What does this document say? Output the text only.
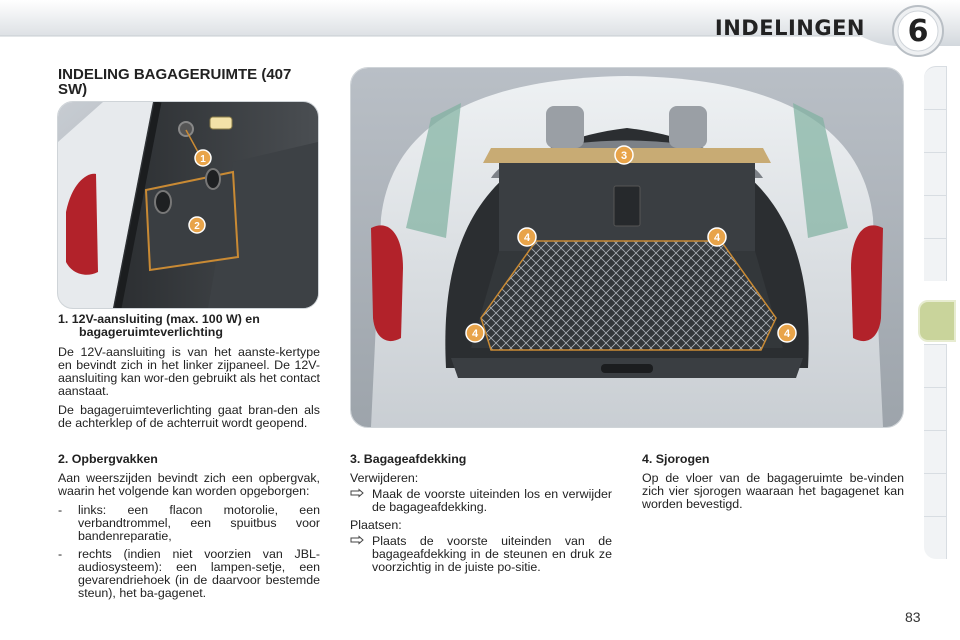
INDELINGEN	6
INDELING BAGAGERUIMTE (407 SW)
1
2
3
4	4
4	4
1. 12V-aansluiting (max. 100 W) en bagageruimteverlichting

De 12V-aansluiting is van het aanste-kertype en bevindt zich in het linker zijpaneel. De 12V-aansluiting kan wor-den gebruikt als het contact aanstaat.

De bagageruimteverlichting gaat bran-den als de achterklep of de achterruit wordt geopend.

2. Opbergvakken

Aan weerszijden bevindt zich een opbergvak, waarin het volgende kan worden opgeborgen:

-	links: een flacon motorolie, een verbandtrommel, een spuitbus voor bandenreparatie,
-	rechts (indien niet voorzien van JBL-audiosysteem): een lampen-setje, een gevarendriehoek (in de daarvoor bestemde steun), het ba-gagenet.
3. Bagageafdekking

Verwijderen:

Maak de voorste uiteinden los en verwijder de bagageafdekking.

Plaatsen:

Plaats de voorste uiteinden van de bagageafdekking in de steunen en druk ze voorzichtig in de juiste po-sitie.
4. Sjorogen

Op de vloer van de bagageruimte be-vinden zich vier sjorogen waaraan het bagagenet kan worden bevestigd.

83
